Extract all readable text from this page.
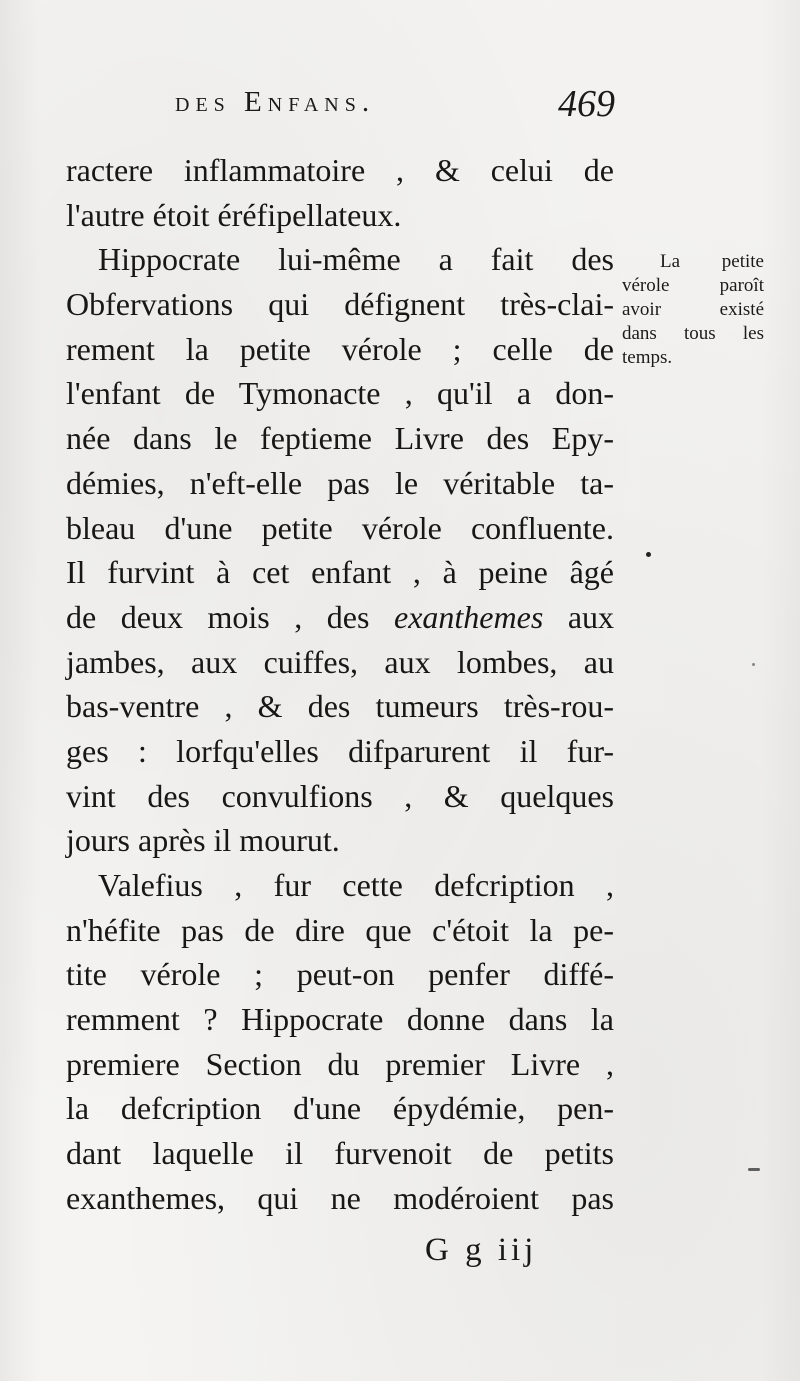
des Enfans.	469
ractere inflammatoire , & celui de
l'autre étoit éréfipellateux.
Hippocrate lui-même a fait des
Obfervations qui défignent très-clai-
rement la petite vérole ; celle de
l'enfant de Tymonacte , qu'il a don-
née dans le feptieme Livre des Epy-
démies, n'eft-elle pas le véritable ta-
bleau d'une petite vérole confluente.
Il furvint à cet enfant , à peine âgé
de deux mois , des exanthemes aux
jambes, aux cuiffes, aux lombes, au
bas-ventre , & des tumeurs très-rou-
ges : lorfqu'elles difparurent il fur-
vint des convulfions , & quelques
jours après il mourut.
Valefius , fur cette defcription ,
n'héfite pas de dire que c'étoit la pe-
tite vérole ; peut-on penfer diffé-
remment ? Hippocrate donne dans la
premiere Section du premier Livre ,
la defcription d'une épydémie, pen-
dant laquelle il furvenoit de petits
exanthemes, qui ne modéroient pas
La petite
vérole paroît
avoir existé
dans tous les
temps.
G g iij
